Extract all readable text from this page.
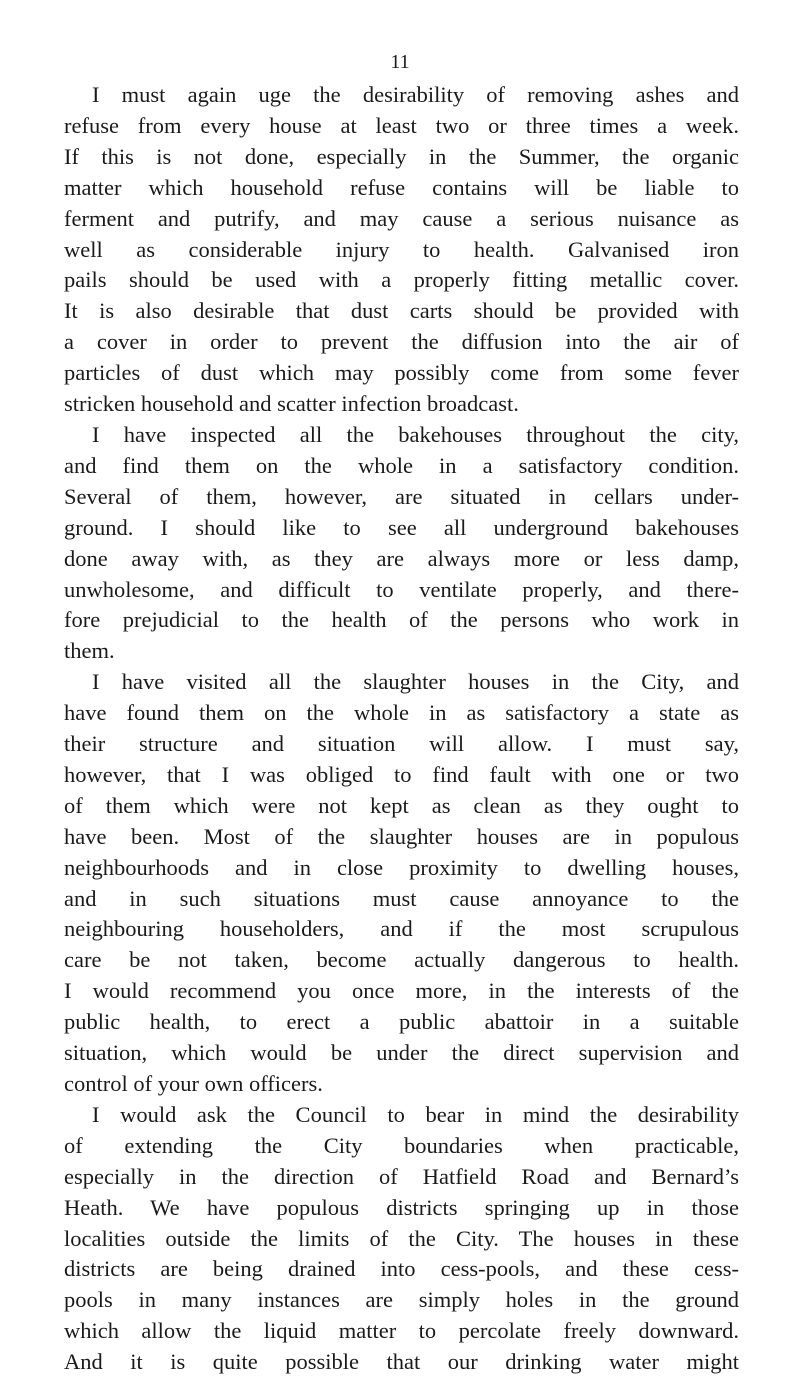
11

I must again uge the desirability of removing ashes and
refuse from every house at least two or three times a week.
If this is not done, especially in the Summer, the organic
matter which household refuse contains will be liable to
ferment and putrify, and may cause a serious nuisance as
well as considerable injury to health. Galvanised iron
pails should be used with a properly fitting metallic cover.
It is also desirable that dust carts should be provided with
a cover in order to prevent the diffusion into the air of
particles of dust which may possibly come from some fever
stricken household and scatter infection broadcast.

I have inspected all the bakehouses throughout the city,
and find them on the whole in a satisfactory condition.
Several of them, however, are situated in cellars under-
ground. I should like to see all underground bakehouses
done away with, as they are always more or less damp,
unwholesome, and difficult to ventilate properly, and there-
fore prejudicial to the health of the persons who work in
them.

I have visited all the slaughter houses in the City, and
have found them on the whole in as satisfactory a state as
their structure and situation will allow. I must say,
however, that I was obliged to find fault with one or two
of them which were not kept as clean as they ought to
have been. Most of the slaughter houses are in populous
neighbourhoods and in close proximity to dwelling houses,
and in such situations must cause annoyance to the
neighbouring householders, and if the most scrupulous
care be not taken, become actually dangerous to health.
I would recommend you once more, in the interests of the
public health, to erect a public abattoir in a suitable
situation, which would be under the direct supervision and
control of your own officers.

I would ask the Council to bear in mind the desirability
of extending the City boundaries when practicable,
especially in the direction of Hatfield Road and Bernard’s
Heath. We have populous districts springing up in those
localities outside the limits of the City. The houses in these
districts are being drained into cess-pools, and these cess-
pools in many instances are simply holes in the ground
which allow the liquid matter to percolate freely downward.
And it is quite possible that our drinking water might
